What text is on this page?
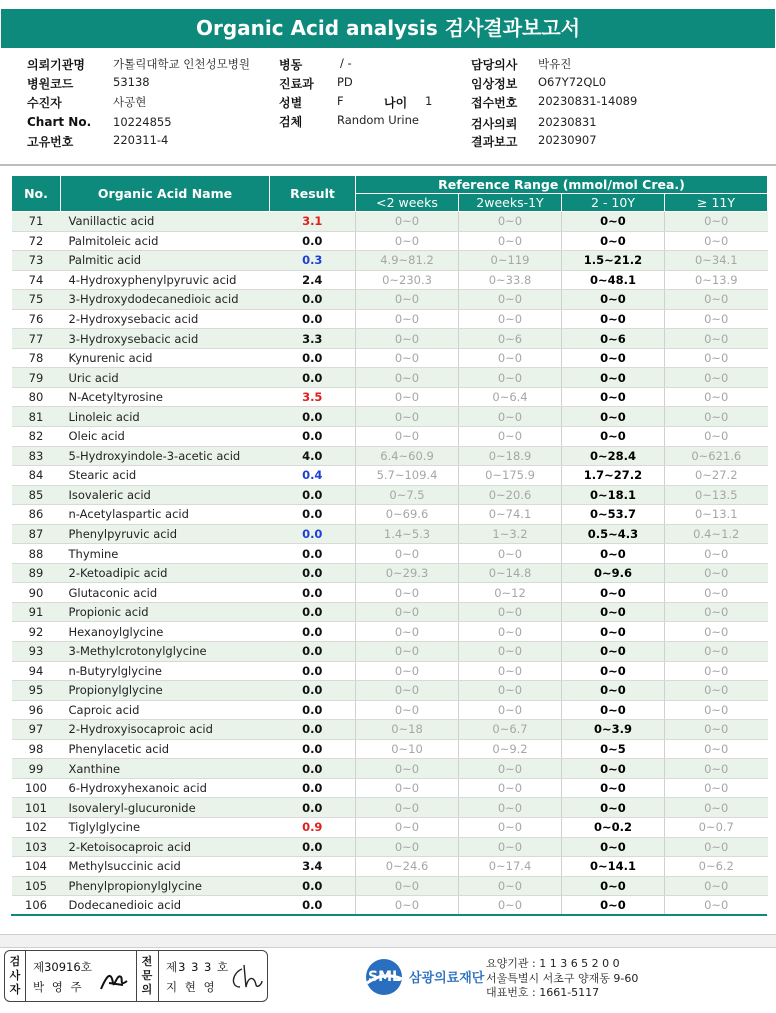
Organic Acid analysis 검사결과보고서
의뢰기관명 가톨릭대학교 인천성모병원
병원코드	53138
수진자	사공현
Chart No. 10224855
고유번호	220311-4
병동	/ -
진료과 PD
성별	F	나이 1
검체	Random Urine
담당의사 박유진
임상정보 O67Y72QL0
접수번호 20230831-14089
검사의뢰 20230831
결과보고 20230907
No.	Organic Acid Name	Result	Reference Range (mmol/mol Crea.)			
			<2 weeks	2weeks-1Y	2 - 10Y	≥ 11Y
71	Vanillactic acid	3.1	0~0	0~0	0~0	0~0
72	Palmitoleic acid	0.0	0~0	0~0	0~0	0~0
73	Palmitic acid	0.3	4.9~81.2	0~119	1.5~21.2	0~34.1
74	4-Hydroxyphenylpyruvic acid	2.4	0~230.3	0~33.8	0~48.1	0~13.9
75	3-Hydroxydodecanedioic acid	0.0	0~0	0~0	0~0	0~0
76	2-Hydroxysebacic acid	0.0	0~0	0~0	0~0	0~0
77	3-Hydroxysebacic acid	3.3	0~0	0~6	0~6	0~0
78	Kynurenic acid	0.0	0~0	0~0	0~0	0~0
79	Uric acid	0.0	0~0	0~0	0~0	0~0
80	N-Acetyltyrosine	3.5	0~0	0~6.4	0~0	0~0
81	Linoleic acid	0.0	0~0	0~0	0~0	0~0
82	Oleic acid	0.0	0~0	0~0	0~0	0~0
83	5-Hydroxyindole-3-acetic acid	4.0	6.4~60.9	0~18.9	0~28.4	0~621.6
84	Stearic acid	0.4	5.7~109.4	0~175.9	1.7~27.2	0~27.2
85	Isovaleric acid	0.0	0~7.5	0~20.6	0~18.1	0~13.5
86	n-Acetylaspartic acid	0.0	0~69.6	0~74.1	0~53.7	0~13.1
87	Phenylpyruvic acid	0.0	1.4~5.3	1~3.2	0.5~4.3	0.4~1.2
88	Thymine	0.0	0~0	0~0	0~0	0~0
89	2-Ketoadipic acid	0.0	0~29.3	0~14.8	0~9.6	0~0
90	Glutaconic acid	0.0	0~0	0~12	0~0	0~0
91	Propionic acid	0.0	0~0	0~0	0~0	0~0
92	Hexanoylglycine	0.0	0~0	0~0	0~0	0~0
93	3-Methylcrotonylglycine	0.0	0~0	0~0	0~0	0~0
94	n-Butyrylglycine	0.0	0~0	0~0	0~0	0~0
95	Propionylglycine	0.0	0~0	0~0	0~0	0~0
96	Caproic acid	0.0	0~0	0~0	0~0	0~0
97	2-Hydroxyisocaproic acid	0.0	0~18	0~6.7	0~3.9	0~0
98	Phenylacetic acid	0.0	0~10	0~9.2	0~5	0~0
99	Xanthine	0.0	0~0	0~0	0~0	0~0
100	6-Hydroxyhexanoic acid	0.0	0~0	0~0	0~0	0~0
101	Isovaleryl-glucuronide	0.0	0~0	0~0	0~0	0~0
102	Tiglylglycine	0.9	0~0	0~0	0~0.2	0~0.7
103	2-Ketoisocaproic acid	0.0	0~0	0~0	0~0	0~0
104	Methylsuccinic acid	3.4	0~24.6	0~17.4	0~14.1	0~6.2
105	Phenylpropionylglycine	0.0	0~0	0~0	0~0	0~0
106	Dodecanedioic acid	0.0	0~0	0~0	0~0	0~0
검사자
제30916호
박 영 주
전문의
제3 3 3 호
지 현 영
SML 삼광의료재단
요양기관 : 1 1 3 6 5 2 0 0
서울특별시 서초구 양재동 9-60
대표번호 : 1661-5117
